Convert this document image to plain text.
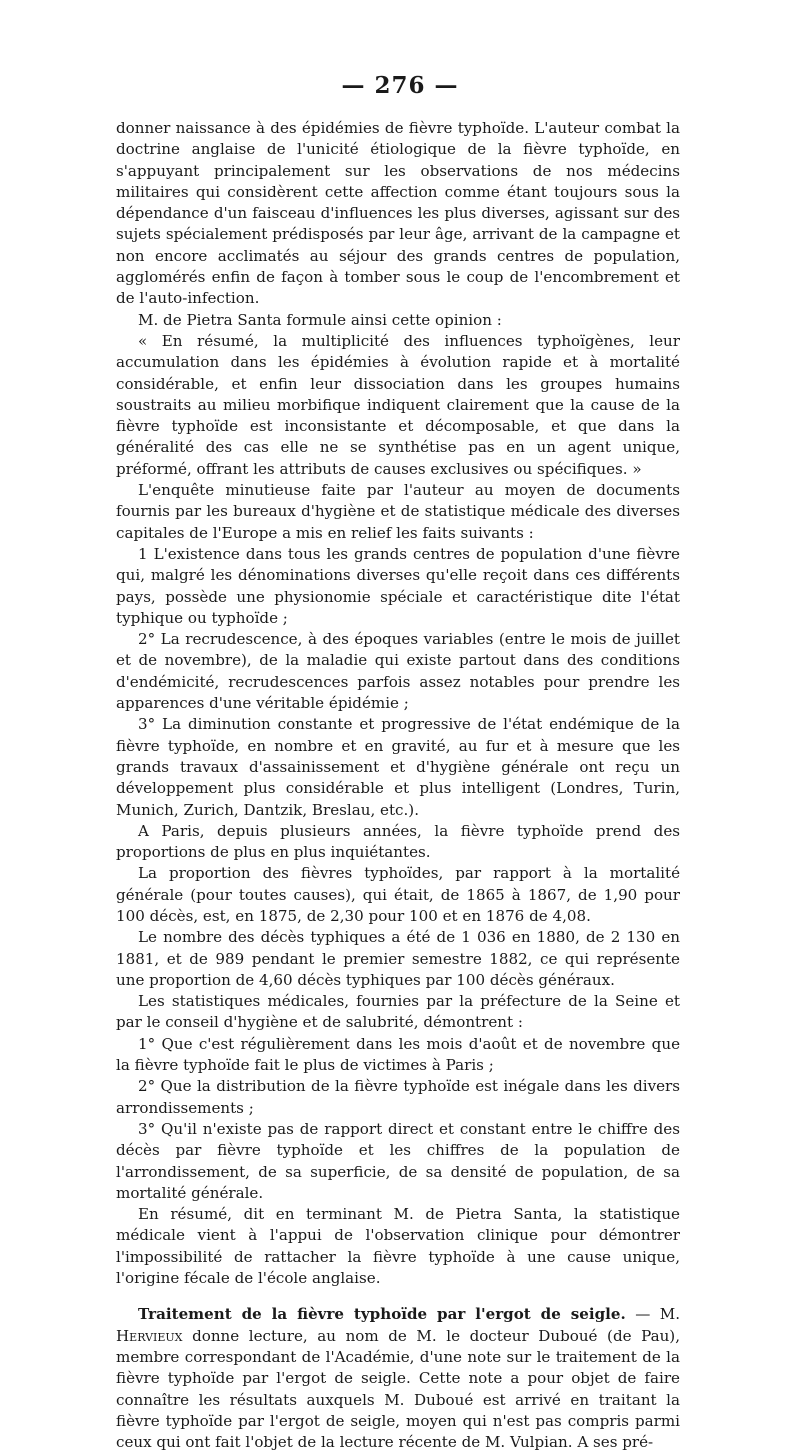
— 276 —

donner naissance à des épidémies de fièvre typhoïde. L'auteur combat la doctrine anglaise de l'unicité étiologique de la fièvre typhoïde, en s'appuyant principalement sur les observations de nos médecins militaires qui considèrent cette affection comme étant toujours sous la dépendance d'un faisceau d'influences les plus diverses, agissant sur des sujets spécialement prédisposés par leur âge, arrivant de la campagne et non encore acclimatés au séjour des grands centres de population, agglomérés enfin de façon à tomber sous le coup de l'encombrement et de l'auto-infection.

M. de Pietra Santa formule ainsi cette opinion :

« En résumé, la multiplicité des influences typhoïgènes, leur accumulation dans les épidémies à évolution rapide et à mortalité considérable, et enfin leur dissociation dans les groupes humains soustraits au milieu morbifique indiquent clairement que la cause de la fièvre typhoïde est inconsistante et décomposable, et que dans la généralité des cas elle ne se synthétise pas en un agent unique, préformé, offrant les attributs de causes exclusives ou spécifiques. »

L'enquête minutieuse faite par l'auteur au moyen de documents fournis par les bureaux d'hygiène et de statistique médicale des diverses capitales de l'Europe a mis en relief les faits suivants :

1 L'existence dans tous les grands centres de population d'une fièvre qui, malgré les dénominations diverses qu'elle reçoit dans ces différents pays, possède une physionomie spéciale et caractéristique dite l'état typhique ou typhoïde ;

2° La recrudescence, à des époques variables (entre le mois de juillet et de novembre), de la maladie qui existe partout dans des conditions d'endémicité, recrudescences parfois assez notables pour prendre les apparences d'une véritable épidémie ;

3° La diminution constante et progressive de l'état endémique de la fièvre typhoïde, en nombre et en gravité, au fur et à mesure que les grands travaux d'assainissement et d'hygiène générale ont reçu un développement plus considérable et plus intelligent (Londres, Turin, Munich, Zurich, Dantzik, Breslau, etc.).

A Paris, depuis plusieurs années, la fièvre typhoïde prend des proportions de plus en plus inquiétantes.

La proportion des fièvres typhoïdes, par rapport à la mortalité générale (pour toutes causes), qui était, de 1865 à 1867, de 1,90 pour 100 décès, est, en 1875, de 2,30 pour 100 et en 1876 de 4,08.

Le nombre des décès typhiques a été de 1 036 en 1880, de 2 130 en 1881, et de 989 pendant le premier semestre 1882, ce qui représente une proportion de 4,60 décès typhiques par 100 décès généraux.

Les statistiques médicales, fournies par la préfecture de la Seine et par le conseil d'hygiène et de salubrité, démontrent :

1° Que c'est régulièrement dans les mois d'août et de novembre que la fièvre typhoïde fait le plus de victimes à Paris ;

2° Que la distribution de la fièvre typhoïde est inégale dans les divers arrondissements ;

3° Qu'il n'existe pas de rapport direct et constant entre le chiffre des décès par fièvre typhoïde et les chiffres de la population de l'arrondissement, de sa superficie, de sa densité de population, de sa mortalité générale.

En résumé, dit en terminant M. de Pietra Santa, la statistique médicale vient à l'appui de l'observation clinique pour démontrer l'impossibilité de rattacher la fièvre typhoïde à une cause unique, l'origine fécale de l'école anglaise.

Traitement de la fièvre typhoïde par l'ergot de seigle. — M. Hervieux donne lecture, au nom de M. le docteur Duboué (de Pau), membre correspondant de l'Académie, d'une note sur le traitement de la fièvre typhoïde par l'ergot de seigle. Cette note a pour objet de faire connaître les résultats auxquels M. Duboué est arrivé en traitant la fièvre typhoïde par l'ergot de seigle, moyen qui n'est pas compris parmi ceux qui ont fait l'objet de la lecture récente de M. Vulpian. A ses pré-
